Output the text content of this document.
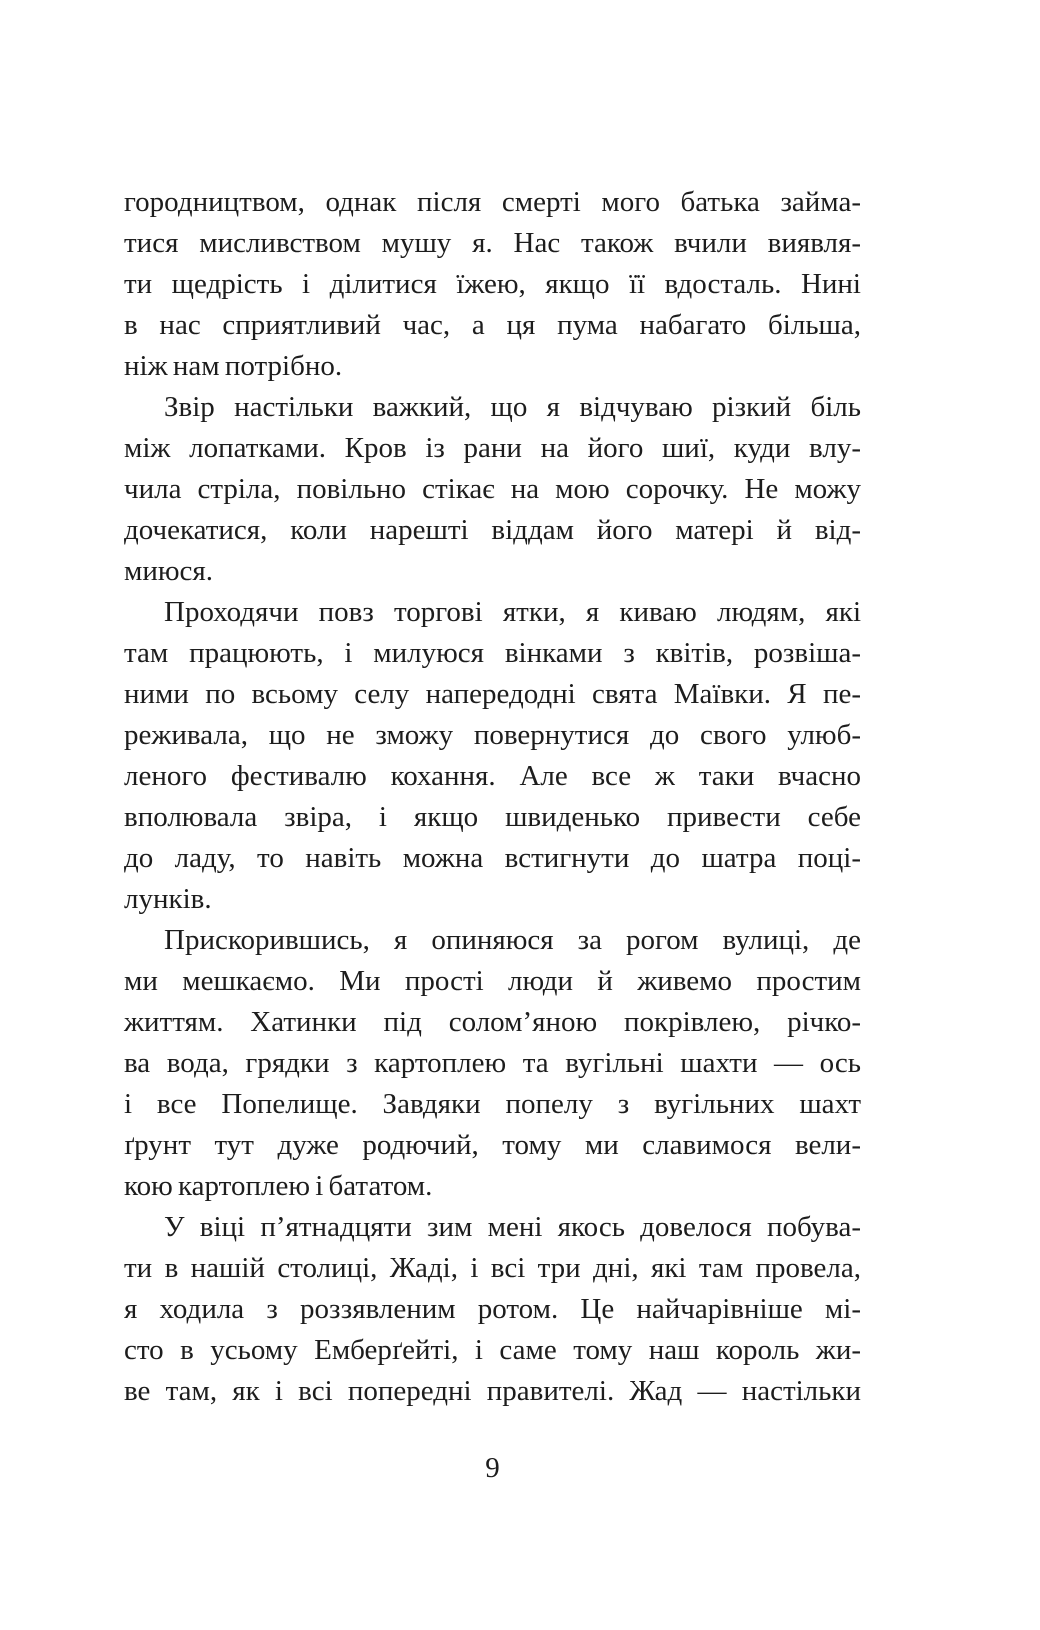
городництвом, однак після смерті мого батька займа-
тися мисливством мушу я. Нас також вчили виявля-
ти щедрість і ділитися їжею, якщо її вдосталь. Нині
в нас сприятливий час, а ця пума набагато більша,
ніж нам потрібно.
Звір настільки важкий, що я відчуваю різкий біль
між лопатками. Кров із рани на його шиї, куди влу-
чила стріла, повільно стікає на мою сорочку. Не можу
дочекатися, коли нарешті віддам його матері й від-
миюся.
Проходячи повз торгові ятки, я киваю людям, які
там працюють, і милуюся вінками з квітів, розвіша-
ними по всьому селу напередодні свята Маївки. Я пе-
реживала, що не зможу повернутися до свого улюб-
леного фестивалю кохання. Але все ж таки вчасно
вполювала звіра, і якщо швиденько привести себе
до ладу, то навіть можна встигнути до шатра поці-
лунків.
Прискорившись, я опиняюся за рогом вулиці, де
ми мешкаємо. Ми прості люди й живемо простим
життям. Хатинки під солом’яною покрівлею, річко-
ва вода, грядки з картоплею та вугільні шахти — ось
і все Попелище. Завдяки попелу з вугільних шахт
ґрунт тут дуже родючий, тому ми славимося вели-
кою картоплею і бататом.
У віці п’ятнадцяти зим мені якось довелося побува-
ти в нашій столиці, Жаді, і всі три дні, які там провела,
я ходила з роззявленим ротом. Це найчарівніше мі-
сто в усьому Емберґейті, і саме тому наш король жи-
ве там, як і всі попередні правителі. Жад — настільки
9
